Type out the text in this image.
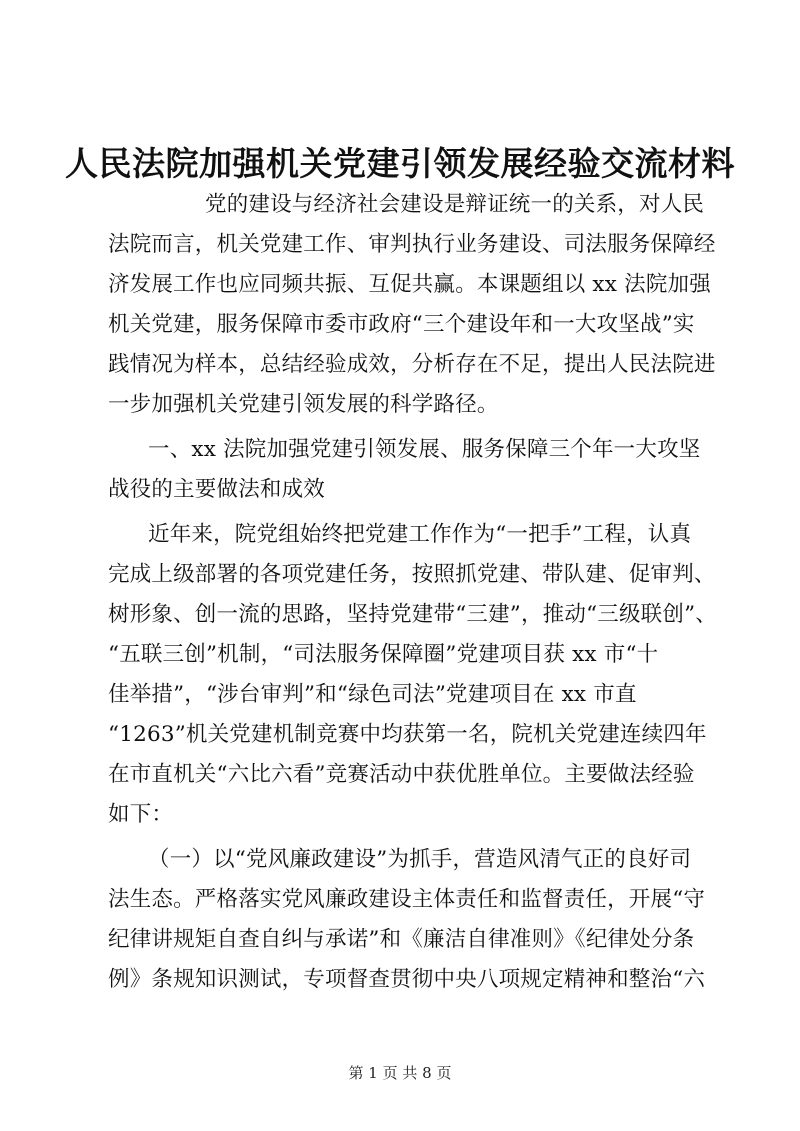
人民法院加强机关党建引领发展经验交流材料
党的建设与经济社会建设是辩证统一的关系，对人民
法院而言，机关党建工作、审判执行业务建设、司法服务保障经
济发展工作也应同频共振、互促共赢。本课题组以 xx 法院加强
机关党建，服务保障市委市政府“三个建设年和一大攻坚战”实
践情况为样本，总结经验成效，分析存在不足，提出人民法院进
一步加强机关党建引领发展的科学路径。
一、xx 法院加强党建引领发展、服务保障三个年一大攻坚
战役的主要做法和成效
近年来，院党组始终把党建工作作为“一把手”工程，认真
完成上级部署的各项党建任务，按照抓党建、带队建、促审判、
树形象、创一流的思路，坚持党建带“三建”，推动“三级联创”、
“五联三创”机制，“司法服务保障圈”党建项目获 xx 市“十
佳举措”，“涉台审判”和“绿色司法”党建项目在 xx 市直
“1263”机关党建机制竞赛中均获第一名，院机关党建连续四年
在市直机关“六比六看”竞赛活动中获优胜单位。主要做法经验
如下：
（一）以“党风廉政建设”为抓手，营造风清气正的良好司
法生态。严格落实党风廉政建设主体责任和监督责任，开展“守
纪律讲规矩自查自纠与承诺”和《廉洁自律准则》《纪律处分条
例》条规知识测试，专项督查贯彻中央八项规定精神和整治“六
第 1 页 共 8 页
